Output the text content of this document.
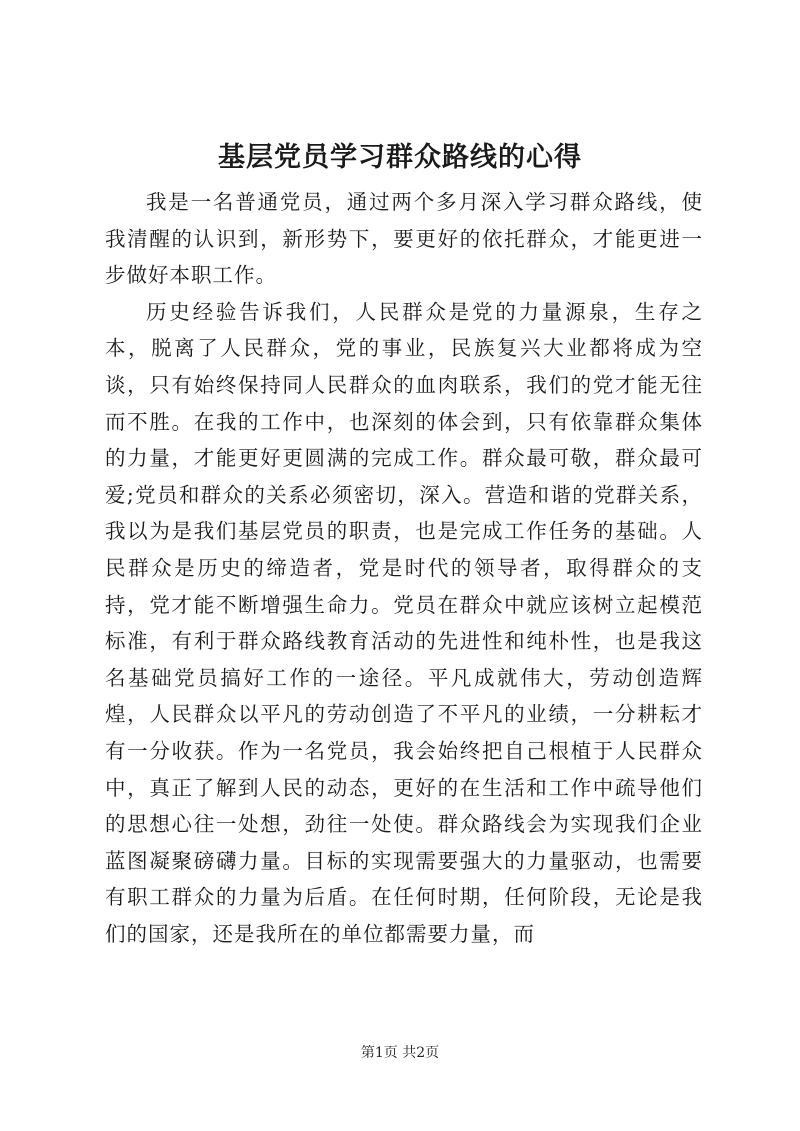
基层党员学习群众路线的心得

我是一名普通党员，通过两个多月深入学习群众路线，使我清醒的认识到，新形势下，要更好的依托群众，才能更进一步做好本职工作。

历史经验告诉我们，人民群众是党的力量源泉，生存之本，脱离了人民群众，党的事业，民族复兴大业都将成为空谈，只有始终保持同人民群众的血肉联系，我们的党才能无往而不胜。在我的工作中，也深刻的体会到，只有依靠群众集体的力量，才能更好更圆满的完成工作。群众最可敬，群众最可爱;党员和群众的关系必须密切，深入。营造和谐的党群关系，我以为是我们基层党员的职责，也是完成工作任务的基础。人民群众是历史的缔造者，党是时代的领导者，取得群众的支持，党才能不断增强生命力。党员在群众中就应该树立起模范标准，有利于群众路线教育活动的先进性和纯朴性，也是我这名基础党员搞好工作的一途径。平凡成就伟大，劳动创造辉煌，人民群众以平凡的劳动创造了不平凡的业绩，一分耕耘才有一分收获。作为一名党员，我会始终把自己根植于人民群众中，真正了解到人民的动态，更好的在生活和工作中疏导他们的思想心往一处想，劲往一处使。群众路线会为实现我们企业蓝图凝聚磅礴力量。目标的实现需要强大的力量驱动，也需要有职工群众的力量为后盾。在任何时期，任何阶段，无论是我们的国家，还是我所在的单位都需要力量，而

第1页 共2页
